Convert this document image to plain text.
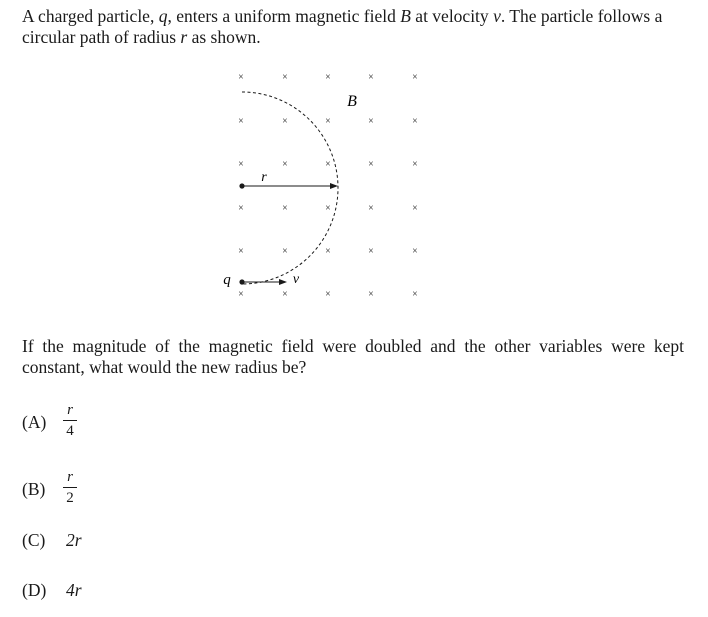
A charged particle, q, enters a uniform magnetic field B at velocity v. The particle follows a circular path of radius r as shown.

×	×	×	×	×
×	×	×	×	×
×	×	×	×	×
×	×	×	×	×
×	×	×	×	×
×	×	×	×	×
B
r
q	v

If the magnitude of the magnetic field were doubled and the other variables were kept constant, what would the new radius be?

(A)
r
4
(B)
r
2
(C) 2r
(D) 4r
